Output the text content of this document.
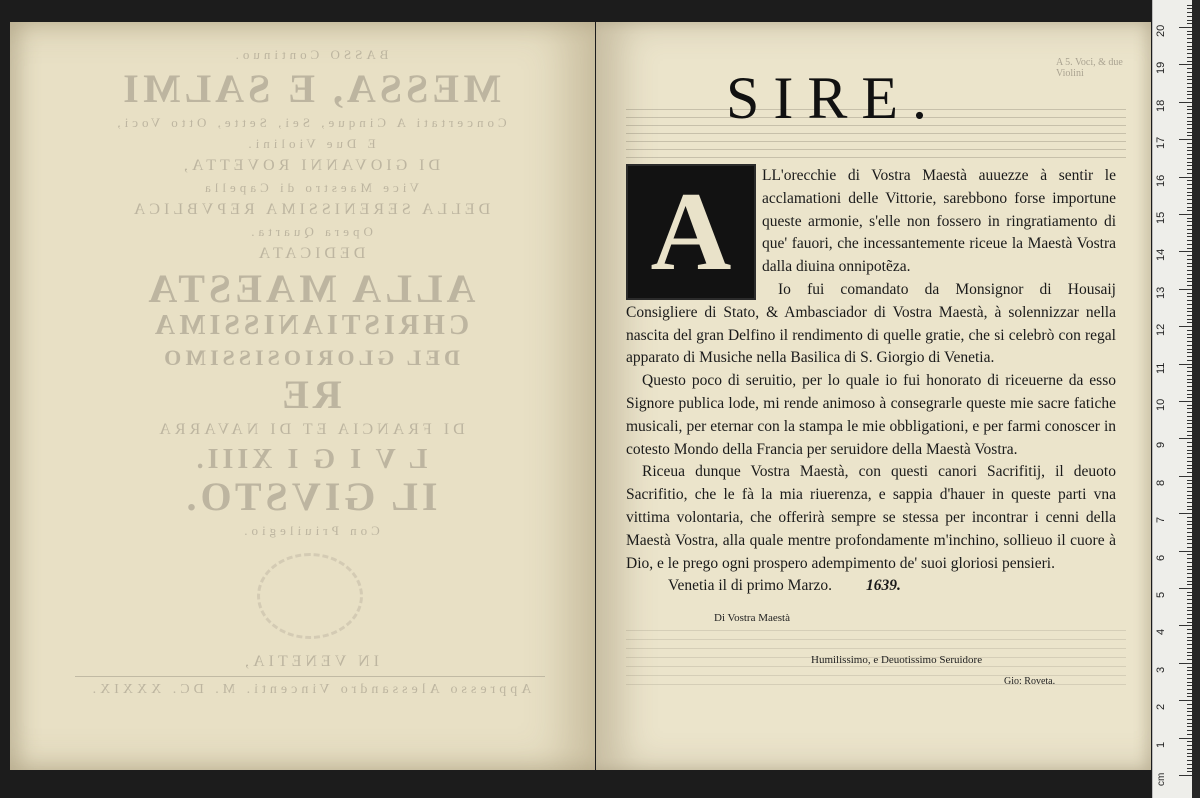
BASSO Continuo.
MESSA, E SALMI
Concertati A Cinque, Sei, Sette, Otto Voci,
E Due Violini.
DI GIOVANNI ROVETTA,
Vice Maestro di Capella
DELLA SERENISSIMA REPVBLICA
Opera Quarta.
DEDICATA
ALLA MAESTA
CHRISTIANISSIMA
DEL GLORIOSISSIMO
RE
DI FRANCIA ET DI NAVARRA
L V I G I XIII.
IL GIVSTO.
Con Priuilegio.
IN VENETIA,
Appresso Alessandro Vincenti. M. DC. XXXIX.
A 5. Voci, & due Violini
SIRE.
A	LL'orecchie di Vostra Maestà auuezze à sentir le acclamationi delle Vittorie, sarebbono forse importune queste armonie, s'elle non fossero in ringratiamento di que' fauori, che incessantemente riceue la Maestà Vostra dalla diuina onnipotẽza.

Io fui comandato da Monsignor di Housaij Consigliere di Stato, & Ambasciador di Vostra Maestà, à solennizzar nella nascita del gran Delfino il rendimento di quelle gratie, che si celebrò con regal apparato di Musiche nella Basilica di S. Giorgio di Venetia.

Questo poco di seruitio, per lo quale io fui honorato di riceuerne da esso Signore publica lode, mi rende animoso à consegrarle queste mie sacre fatiche musicali, per eternar con la stampa le mie obbligationi, e per farmi conoscer in cotesto Mondo della Francia per seruidore della Maestà Vostra.

Riceua dunque Vostra Maestà, con questi canori Sacrifitij, il deuoto Sacrifitio, che le fà la mia riuerenza, e sappia d'hauer in queste parti vna vittima volontaria, che offerirà sempre se stessa per incontrar i cenni della Maestà Vostra, alla quale mentre profondamente m'inchino, sollieuo il cuore à Dio, e le prego ogni prospero adempimento de' suoi gloriosi pensieri.

Venetia il di primo Marzo. 1639.

Di Vostra Maestà
Humilissimo, e Deuotissimo Seruidore
Gio: Roveta.
cm
1
2
3
4
5
6
7
8
9
10
11
12
13
14
15
16
17
18
19
20
